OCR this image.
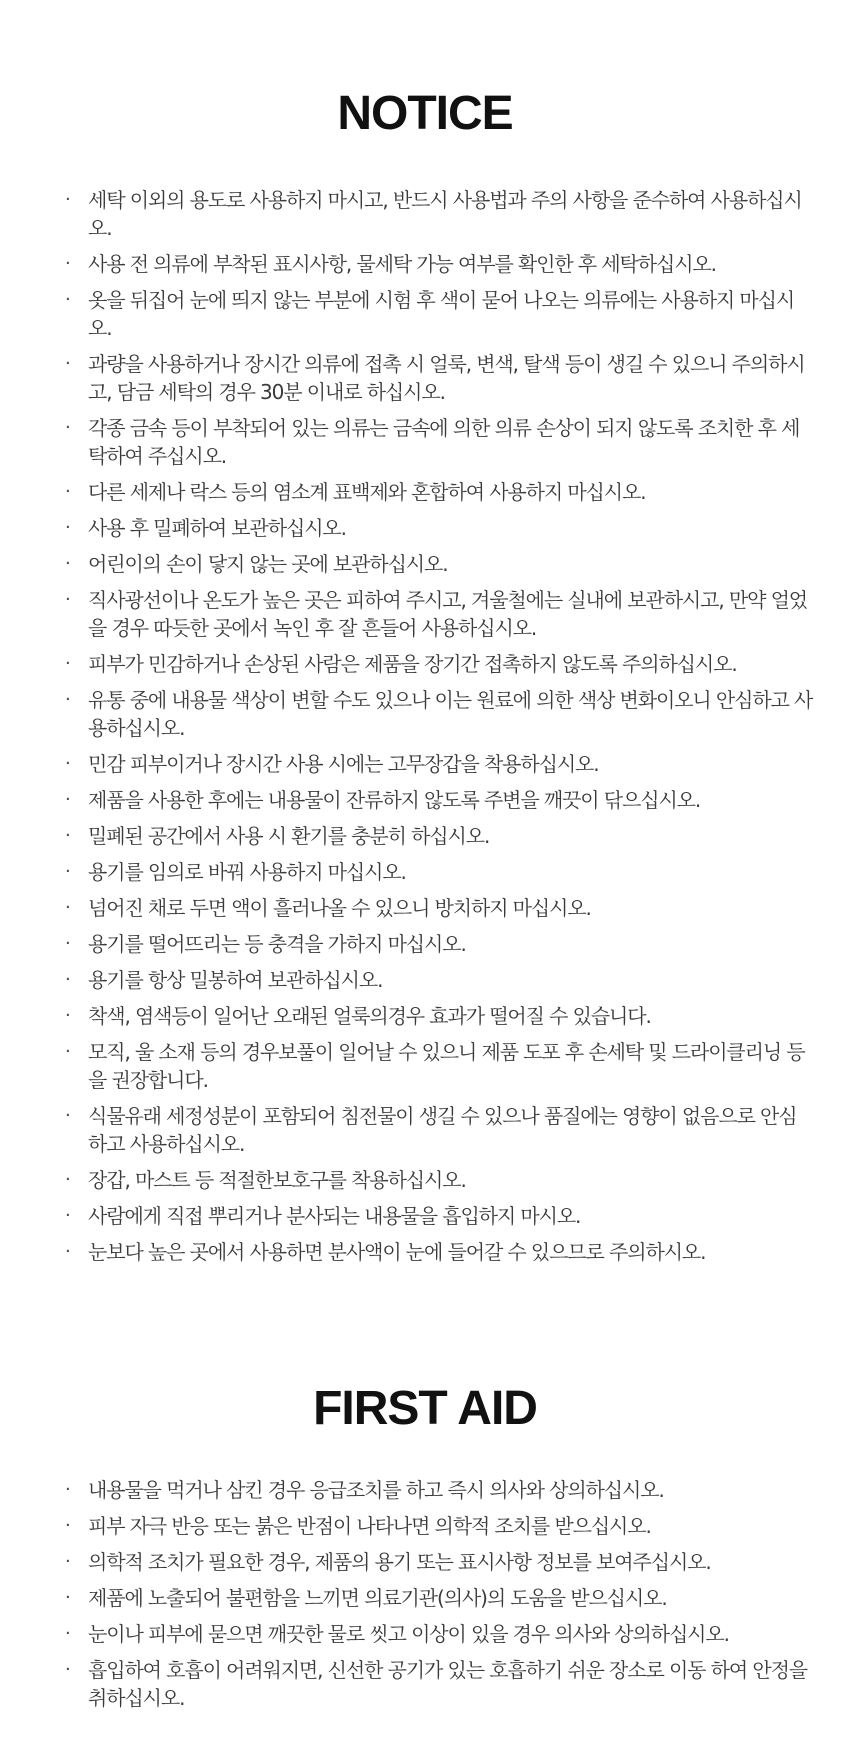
NOTICE
· 세탁 이외의 용도로 사용하지 마시고, 반드시 사용법과 주의 사항을 준수하여 사용하십시오.
· 사용 전 의류에 부착된 표시사항, 물세탁 가능 여부를 확인한 후 세탁하십시오.
· 옷을 뒤집어 눈에 띄지 않는 부분에 시험 후 색이 묻어 나오는 의류에는 사용하지 마십시오.
· 과량을 사용하거나 장시간 의류에 접촉 시 얼룩, 변색, 탈색 등이 생길 수 있으니 주의하시고, 담금 세탁의 경우 30분 이내로 하십시오.
· 각종 금속 등이 부착되어 있는 의류는 금속에 의한 의류 손상이 되지 않도록 조치한 후 세탁하여 주십시오.
· 다른 세제나 락스 등의 염소계 표백제와 혼합하여 사용하지 마십시오.
· 사용 후 밀폐하여 보관하십시오.
· 어린이의 손이 닿지 않는 곳에 보관하십시오.
· 직사광선이나 온도가 높은 곳은 피하여 주시고, 겨울철에는 실내에 보관하시고, 만약 얼었을 경우 따듯한 곳에서 녹인 후 잘 흔들어 사용하십시오.
· 피부가 민감하거나 손상된 사람은 제품을 장기간 접촉하지 않도록 주의하십시오.
· 유통 중에 내용물 색상이 변할 수도 있으나 이는 원료에 의한 색상 변화이오니 안심하고 사용하십시오.
· 민감 피부이거나 장시간 사용 시에는 고무장갑을 착용하십시오.
· 제품을 사용한 후에는 내용물이 잔류하지 않도록 주변을 깨끗이 닦으십시오.
· 밀폐된 공간에서 사용 시 환기를 충분히 하십시오.
· 용기를 임의로 바꿔 사용하지 마십시오.
· 넘어진 채로 두면 액이 흘러나올 수 있으니 방치하지 마십시오.
· 용기를 떨어뜨리는 등 충격을 가하지 마십시오.
· 용기를 항상 밀봉하여 보관하십시오.
· 착색, 염색등이 일어난 오래된 얼룩의경우 효과가 떨어질 수 있습니다.
· 모직, 울 소재 등의 경우보풀이 일어날 수 있으니 제품 도포 후 손세탁 및 드라이클리닝 등을 권장합니다.
· 식물유래 세정성분이 포함되어 침전물이 생길 수 있으나 품질에는 영향이 없음으로 안심하고 사용하십시오.
· 장갑, 마스트 등 적절한보호구를 착용하십시오.
· 사람에게 직접 뿌리거나 분사되는 내용물을 흡입하지 마시오.
· 눈보다 높은 곳에서 사용하면 분사액이 눈에 들어갈 수 있으므로 주의하시오.
FIRST AID
· 내용물을 먹거나 삼킨 경우 응급조치를 하고 즉시 의사와 상의하십시오.
· 피부 자극 반응 또는 붉은 반점이 나타나면 의학적 조치를 받으십시오.
· 의학적 조치가 필요한 경우, 제품의 용기 또는 표시사항 정보를 보여주십시오.
· 제품에 노출되어 불편함을 느끼면 의료기관(의사)의 도움을 받으십시오.
· 눈이나 피부에 묻으면 깨끗한 물로 씻고 이상이 있을 경우 의사와 상의하십시오.
· 흡입하여 호흡이 어려워지면, 신선한 공기가 있는 호흡하기 쉬운 장소로 이동 하여 안정을 취하십시오.
